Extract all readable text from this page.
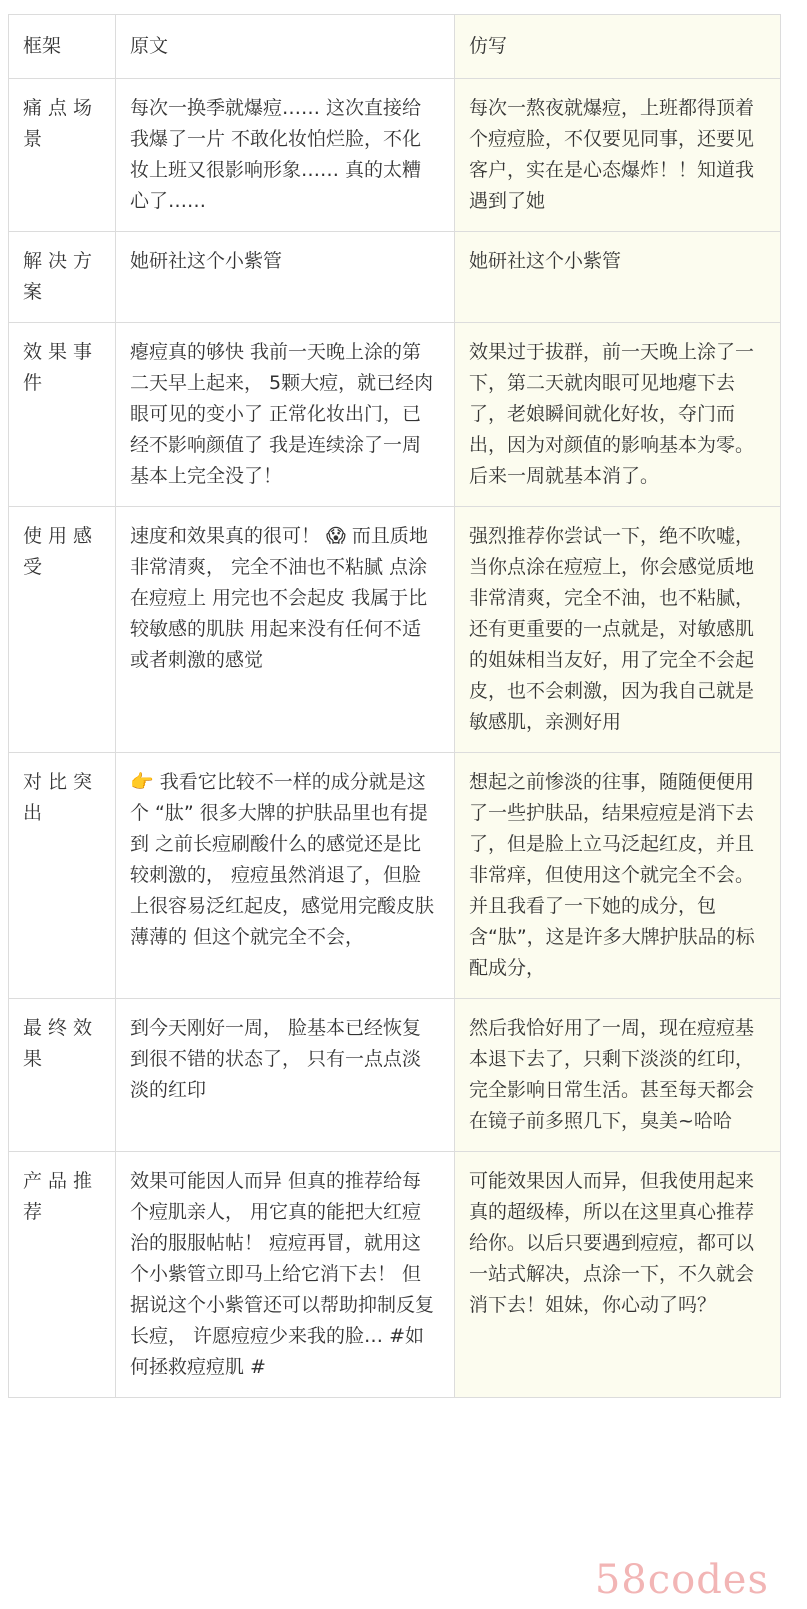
框架	原文	仿写
痛点场景	每次一换季就爆痘…… 这次直接给我爆了一片 不敢化妆怕烂脸，不化妆上班又很影响形象…… 真的太糟心了……	每次一熬夜就爆痘，上班都得顶着个痘痘脸，不仅要见同事，还要见客户，实在是心态爆炸！！知道我遇到了她
解决方案	她研社这个小紫管	她研社这个小紫管
效果事件	瘪痘真的够快 我前一天晚上涂的第二天早上起来， 5颗大痘，就已经肉眼可见的变小了 正常化妆出门，已经不影响颜值了 我是连续涂了一周基本上完全没了！	效果过于拔群，前一天晚上涂了一下，第二天就肉眼可见地瘪下去了，老娘瞬间就化好妆，夺门而出，因为对颜值的影响基本为零。后来一周就基本消了。
使用感受	速度和效果真的很可！ 😱 而且质地非常清爽， 完全不油也不粘腻 点涂在痘痘上 用完也不会起皮 我属于比较敏感的肌肤 用起来没有任何不适或者刺激的感觉	强烈推荐你尝试一下，绝不吹嘘，当你点涂在痘痘上，你会感觉质地非常清爽，完全不油，也不粘腻，还有更重要的一点就是，对敏感肌的姐妹相当友好，用了完全不会起皮，也不会刺激，因为我自己就是敏感肌，亲测好用
对比突出	👉 我看它比较不一样的成分就是这个 “肽” 很多大牌的护肤品里也有提到 之前长痘刷酸什么的感觉还是比较刺激的， 痘痘虽然消退了，但脸上很容易泛红起皮，感觉用完酸皮肤薄薄的 但这个就完全不会，	想起之前惨淡的往事，随随便便用了一些护肤品，结果痘痘是消下去了，但是脸上立马泛起红皮，并且非常痒，但使用这个就完全不会。并且我看了一下她的成分，包含“肽”，这是许多大牌护肤品的标配成分，
最终效果	到今天刚好一周， 脸基本已经恢复到很不错的状态了， 只有一点点淡淡的红印	然后我恰好用了一周，现在痘痘基本退下去了，只剩下淡淡的红印，完全影响日常生活。甚至每天都会在镜子前多照几下，臭美~哈哈
产品推荐	效果可能因人而异 但真的推荐给每个痘肌亲人， 用它真的能把大红痘治的服服帖帖！ 痘痘再冒，就用这个小紫管立即马上给它消下去！ 但据说这个小紫管还可以帮助抑制反复长痘， 许愿痘痘少来我的脸… #如何拯救痘痘肌 #	可能效果因人而异，但我使用起来真的超级棒，所以在这里真心推荐给你。以后只要遇到痘痘，都可以一站式解决，点涂一下，不久就会消下去！姐妹，你心动了吗？
58codes
